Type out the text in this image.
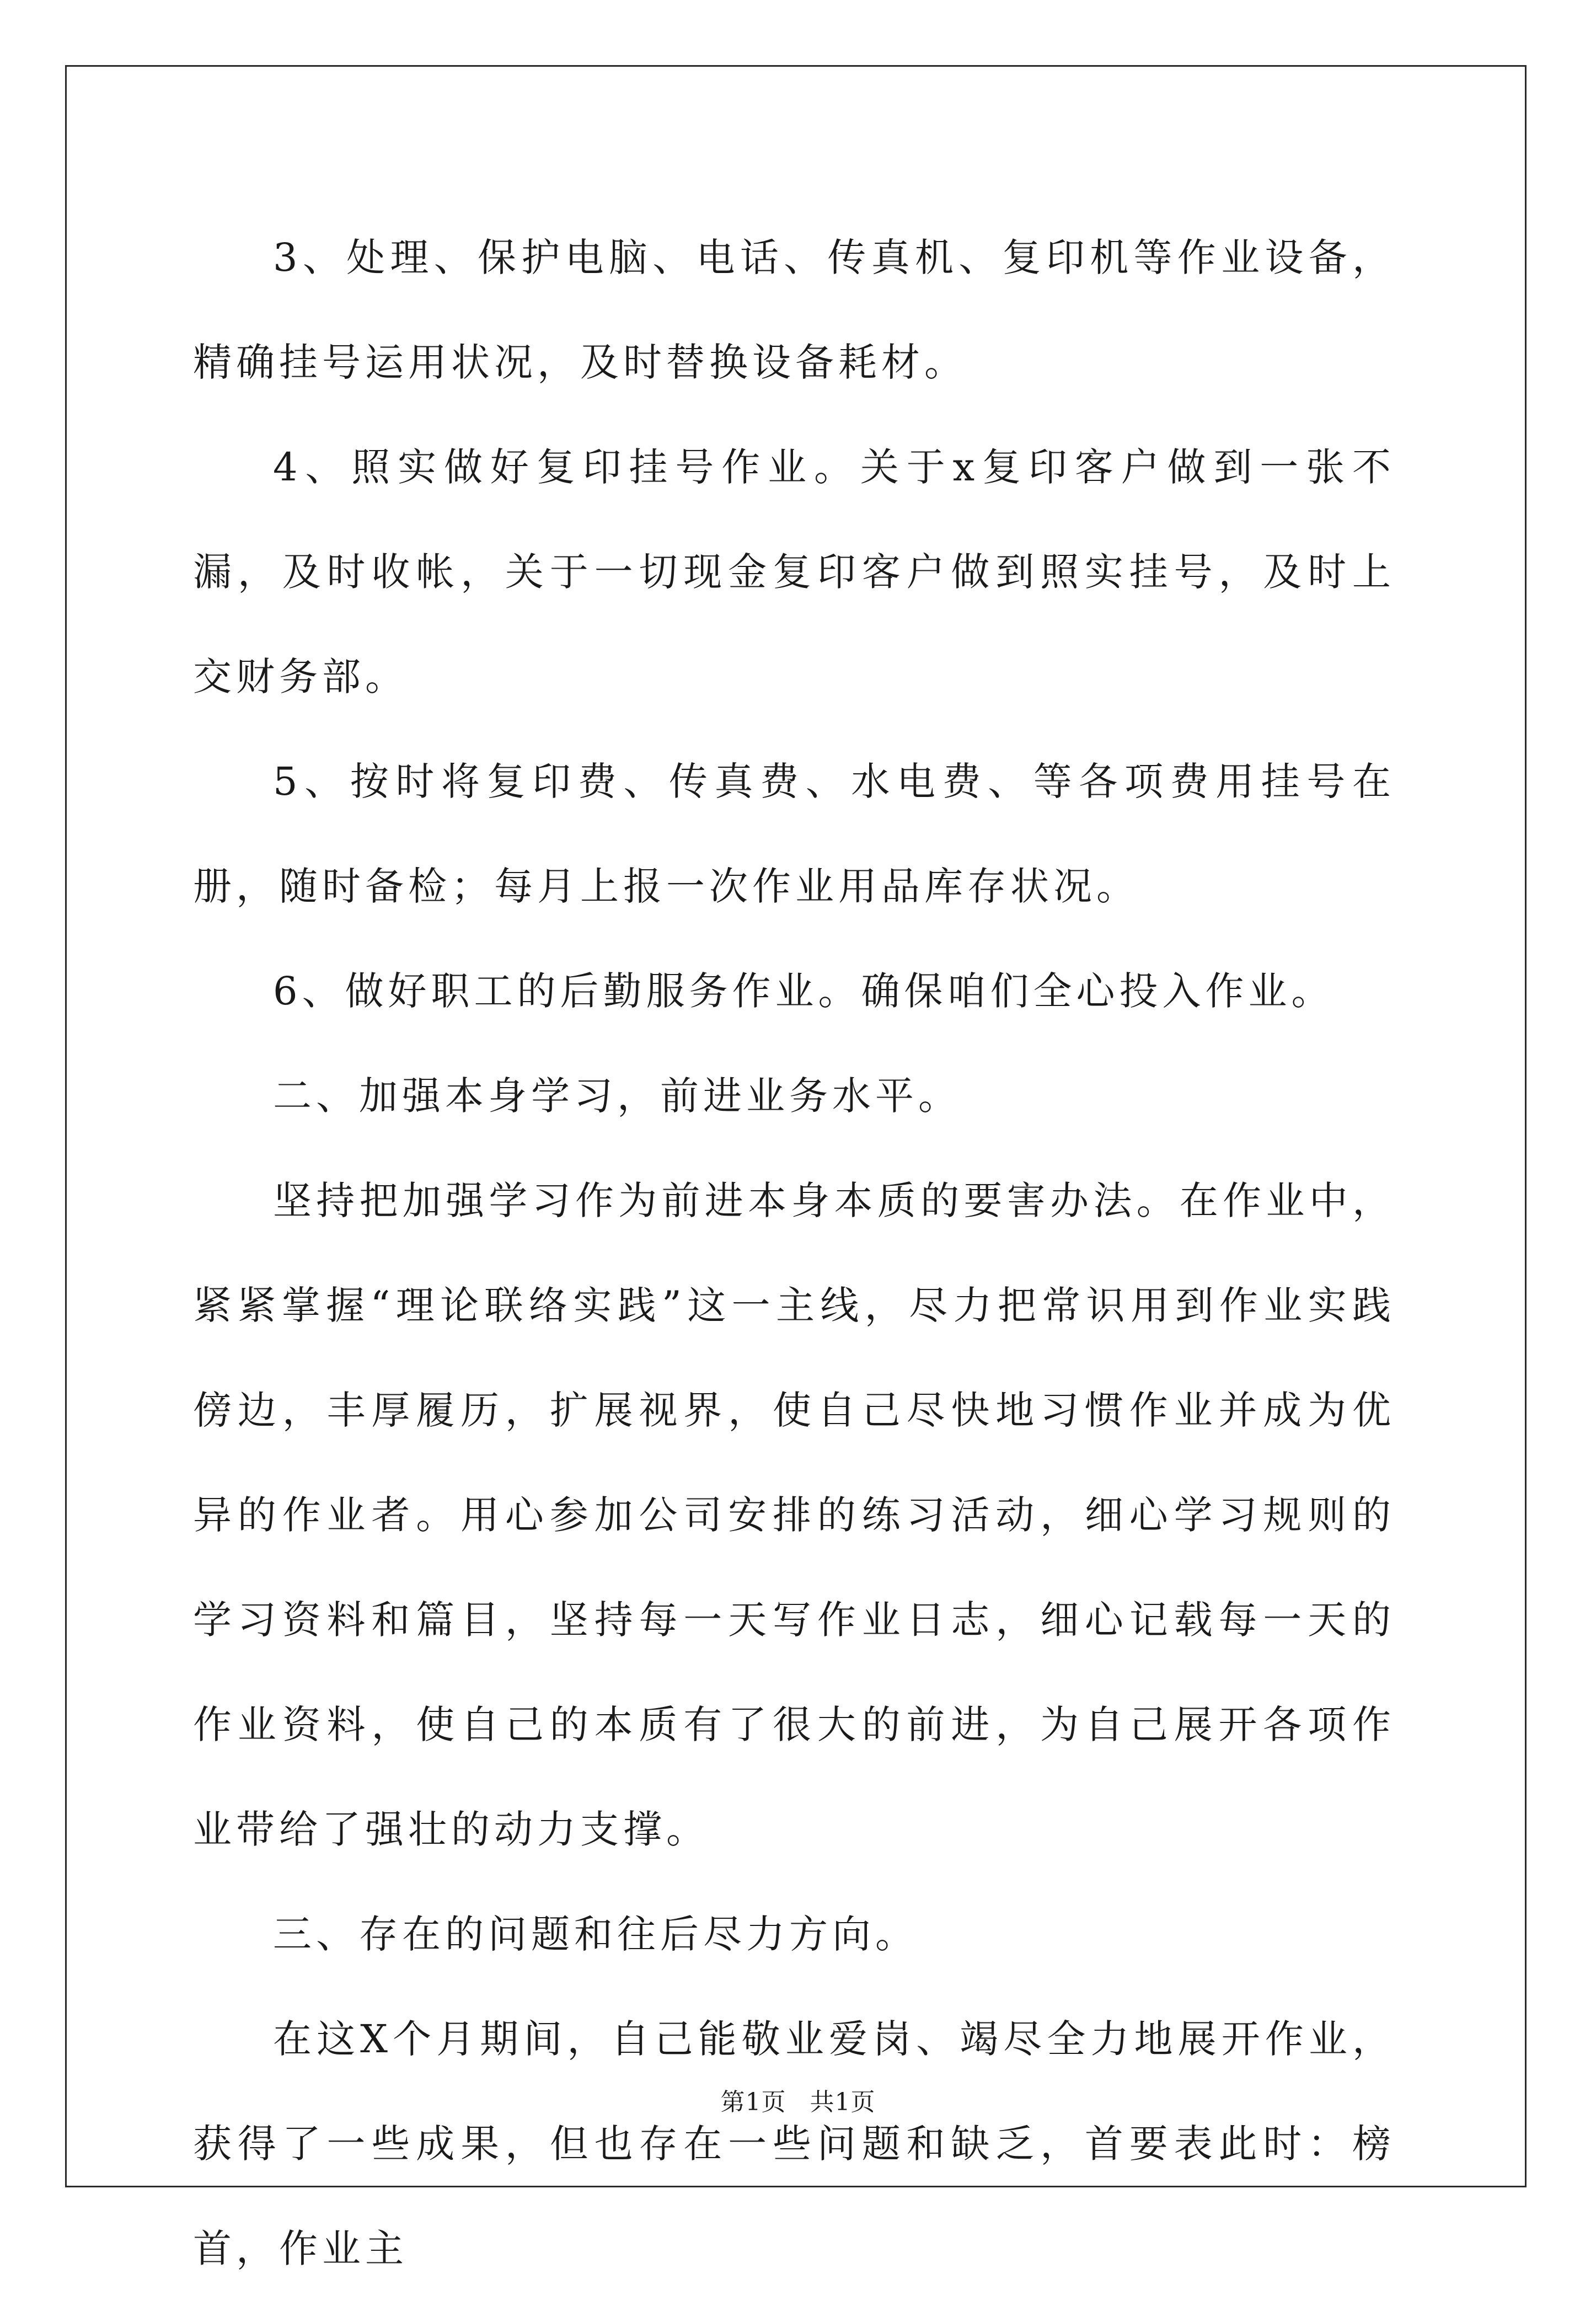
3、处理、保护电脑、电话、传真机、复印机等作业设备，精确挂号运用状况，及时替换设备耗材。

4、照实做好复印挂号作业。关于x复印客户做到一张不漏，及时收帐，关于一切现金复印客户做到照实挂号，及时上交财务部。

5、按时将复印费、传真费、水电费、等各项费用挂号在册，随时备检；每月上报一次作业用品库存状况。

6、做好职工的后勤服务作业。确保咱们全心投入作业。

二、加强本身学习，前进业务水平。

坚持把加强学习作为前进本身本质的要害办法。在作业中，紧紧掌握“理论联络实践”这一主线，尽力把常识用到作业实践傍边，丰厚履历，扩展视界，使自己尽快地习惯作业并成为优异的作业者。用心参加公司安排的练习活动，细心学习规则的学习资料和篇目，坚持每一天写作业日志，细心记载每一天的作业资料，使自己的本质有了很大的前进，为自己展开各项作业带给了强壮的动力支撑。

三、存在的问题和往后尽力方向。

在这X个月期间，自己能敬业爱岗、竭尽全力地展开作业，获得了一些成果，但也存在一些问题和缺乏，首要表此时：榜首，作业主

第1页 共1页
